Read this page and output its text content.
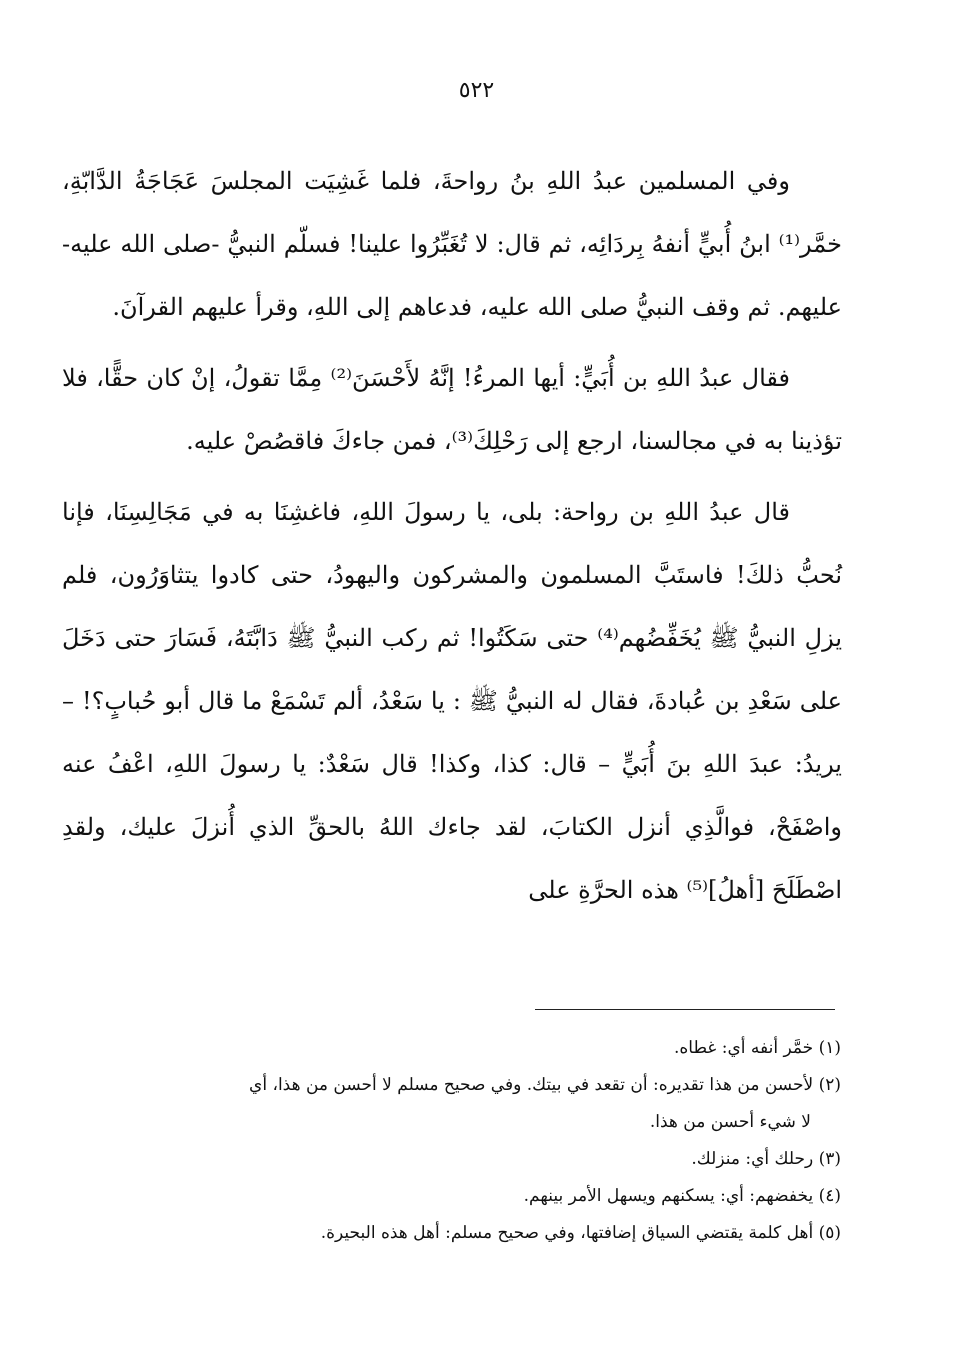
٥٢٢

وفي المسلمين عبدُ اللهِ بنُ رواحةَ، فلما غَشِيَت المجلسَ عَجَاجَةُ الدَّابّةِ، خمَّر⁽¹⁾ ابنُ أُبيٍّ أنفهُ بِردَائِه، ثم قال: لا تُغَبِّرُوا علينا! فسلّم النبيُّ -صلى الله عليه- عليهم. ثم وقف النبيُّ صلى الله عليه، فدعاهم إلى اللهِ، وقرأ عليهم القرآنَ.

فقال عبدُ اللهِ بن أُبَيٍّ: أيها المرءُ! إنَّهُ لأَحْسَنَ⁽²⁾ مِمَّا تقولُ، إنْ كان حقًّا، فلا تؤذينا به في مجالسنا، ارجع إلى رَحْلِكَ⁽³⁾، فمن جاءكَ فاقصُصْ عليه.

قال عبدُ اللهِ بن رواحة: بلى، يا رسولَ اللهِ، فاغشِنَا به في مَجَالِسِنَا، فإنا نُحبُّ ذلكَ! فاستَبَّ المسلمون والمشركون واليهودُ، حتى كادوا يتثاوَرُون، فلم يزلِ النبيُّ ﷺ يُخَفِّضُهم⁽⁴⁾ حتى سَكَتُوا! ثم ركب النبيُّ ﷺ دَابَّتَهُ، فَسَارَ حتى دَخَلَ على سَعْدِ بن عُبادةَ، فقال له النبيُّ ﷺ : يا سَعْدُ، ألم تَسْمَعْ ما قال أبو حُبابٍ؟! – يريدُ: عبدَ اللهِ بنَ أُبَيٍّ – قال: كذا، وكذا! قال سَعْدٌ: يا رسولَ اللهِ، اعْفُ عنه واصْفَحْ، فوالَّذِي أنزل الكتابَ، لقد جاءك اللهُ بالحقِّ الذي أُنزلَ عليك، ولقدِ اصْطَلَحَ [أهلُ]⁽⁵⁾ هذه الحرَّةِ على

(١) خمَّر أنفه أي: غطاه.

(٢) لأحسن من هذا تقديره: أن تقعد في بيتك. وفي صحيح مسلم لا أحسن من هذا، أي
لا شيء أحسن من هذا.

(٣) رحلك أي: منزلك.

(٤) يخفضهم: أي: يسكنهم ويسهل الأمر بينهم.

(٥) أهل كلمة يقتضي السياق إضافتها، وفي صحيح مسلم: أهل هذه البحيرة.
